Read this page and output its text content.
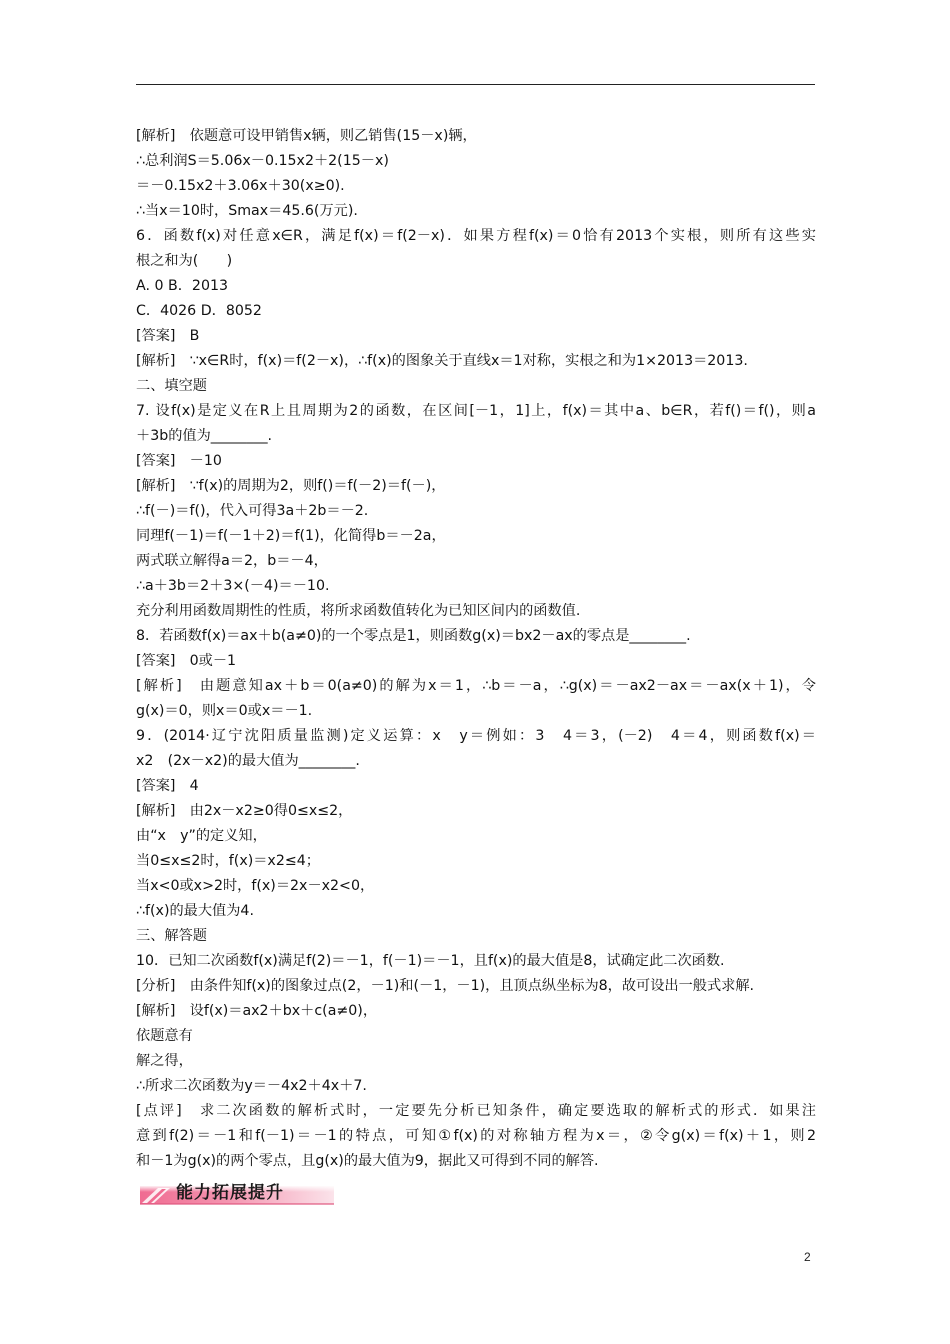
[解析]　依题意可设甲销售x辆，则乙销售(15－x)辆，
∴总利润S＝5.06x－0.15x2＋2(15－x)
＝－0.15x2＋3.06x＋30(x≥0).
∴当x＝10时，Smax＝45.6(万元).
6．函数f(x)对任意x∈R，满足f(x)＝f(2－x)．如果方程f(x)＝0恰有2013个实根，则所有这些实
根之和为(　　)
A. 0 B．2013
C．4026 D．8052
[答案]　B
[解析]　∵x∈R时，f(x)＝f(2－x)，∴f(x)的图象关于直线x＝1对称，实根之和为1×2013＝2013.
二、填空题
7. 设f(x)是定义在R上且周期为2的函数，在区间[－1，1]上，f(x)＝其中a、b∈R，若f()＝f()，则a
＋3b的值为________.
[答案]　－10
[解析]　∵f(x)的周期为2，则f()＝f(－2)＝f(－)，
∴f(－)＝f()，代入可得3a＋2b＝－2.
同理f(－1)＝f(－1＋2)＝f(1)，化简得b＝－2a，
两式联立解得a＝2，b＝－4，
∴a＋3b＝2＋3×(－4)＝－10.
充分利用函数周期性的性质，将所求函数值转化为已知区间内的函数值.
8．若函数f(x)＝ax＋b(a≠0)的一个零点是1，则函数g(x)＝bx2－ax的零点是________.
[答案]　0或－1
[解析]　由题意知ax＋b＝0(a≠0)的解为x＝1，∴b＝－a，∴g(x)＝－ax2－ax＝－ax(x＋1)，令
g(x)＝0，则x＝0或x＝－1.
9．(2014·辽宁沈阳质量监测)定义运算：x　y＝例如：3　4＝3，(－2)　4＝4，则函数f(x)＝
x2　(2x－x2)的最大值为________.
[答案]　4
[解析]　由2x－x2≥0得0≤x≤2，
由“x　y”的定义知，
当0≤x≤2时，f(x)＝x2≤4；
当x<0或x>2时，f(x)＝2x－x2<0，
∴f(x)的最大值为4.
三、解答题
10．已知二次函数f(x)满足f(2)＝－1，f(－1)＝－1，且f(x)的最大值是8，试确定此二次函数.
[分析]　由条件知f(x)的图象过点(2，－1)和(－1，－1)，且顶点纵坐标为8，故可设出一般式求解.
[解析]　设f(x)＝ax2＋bx＋c(a≠0)，
依题意有
解之得，
∴所求二次函数为y＝－4x2＋4x＋7.
[点评]　求二次函数的解析式时，一定要先分析已知条件，确定要选取的解析式的形式．如果注
意到f(2)＝－1和f(－1)＝－1的特点，可知①f(x)的对称轴方程为x＝，②令g(x)＝f(x)＋1，则2
和－1为g(x)的两个零点，且g(x)的最大值为9，据此又可得到不同的解答.
能力拓展提升
2
